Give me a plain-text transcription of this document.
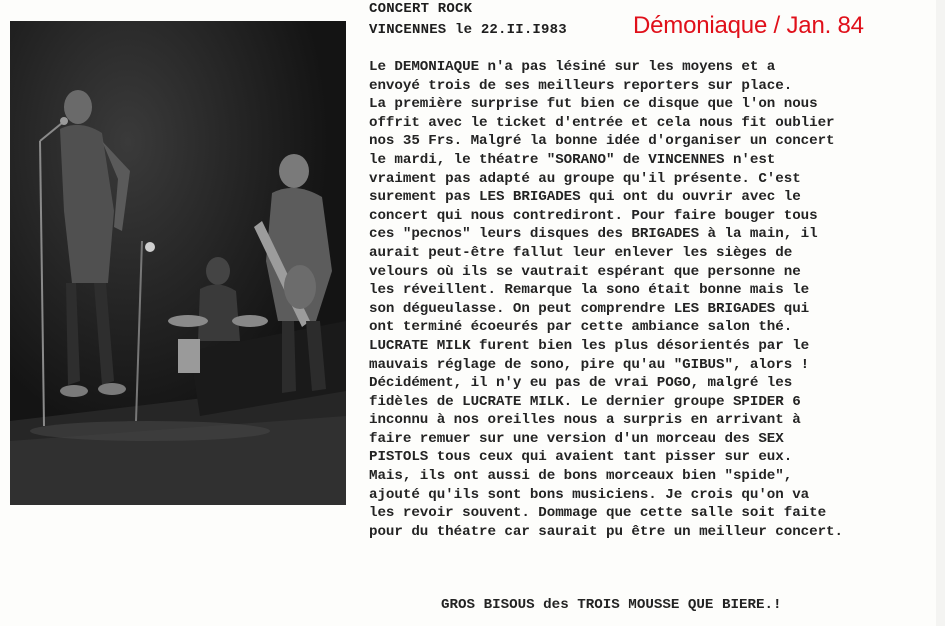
CONCERT ROCK
VINCENNES le 22.II.I983	Démoniaque / Jan. 84
Le DEMONIAQUE n'a pas lésiné sur les moyens et a
envoyé trois de ses meilleurs reporters sur place.
La première surprise fut bien ce disque que l'on nous
offrit avec le ticket d'entrée et cela nous fit oublier
nos 35 Frs. Malgré la bonne idée d'organiser un concert
le mardi, le théatre "SORANO" de VINCENNES n'est
vraiment pas adapté au groupe qu'il présente. C'est
surement pas LES BRIGADES qui ont du ouvrir avec le
concert qui nous contrediront. Pour faire bouger tous
ces "pecnos" leurs disques des BRIGADES à la main, il
aurait peut-être fallut leur enlever les sièges de
velours où ils se vautrait espérant que personne ne
les réveillent. Remarque la sono était bonne mais le
son dégueulasse. On peut comprendre LES BRIGADES qui
ont terminé écoeurés par cette ambiance salon thé.
LUCRATE MILK furent bien les plus désorientés par le
mauvais réglage de sono, pire qu'au "GIBUS", alors !
Décidément, il n'y eu pas de vrai POGO, malgré les
fidèles de LUCRATE MILK. Le dernier groupe SPIDER 6
inconnu à nos oreilles nous a surpris en arrivant à
faire remuer sur une version d'un morceau des SEX
PISTOLS tous ceux qui avaient tant pisser sur eux.
Mais, ils ont aussi de bons morceaux bien "spide",
ajouté qu'ils sont bons musiciens. Je crois qu'on va
les revoir souvent. Dommage que cette salle soit faite
pour du théatre car saurait pu être un meilleur concert.
GROS BISOUS des TROIS MOUSSE QUE BIERE.!
